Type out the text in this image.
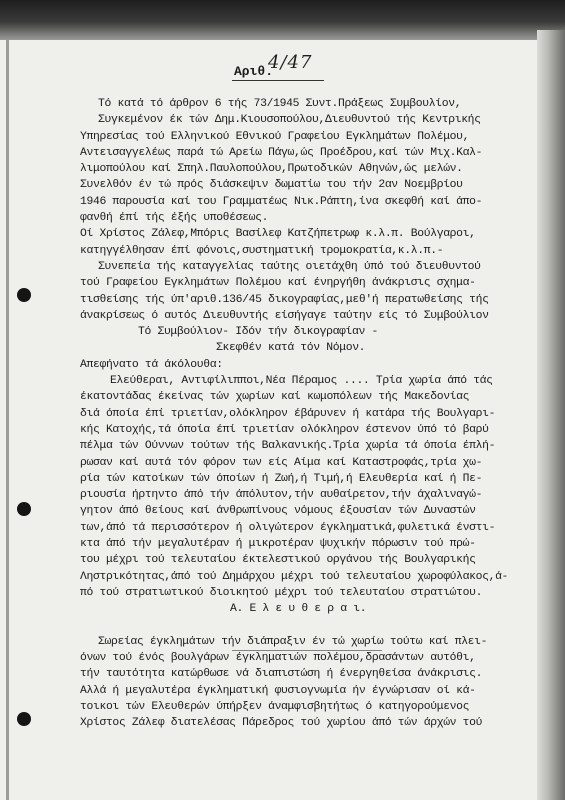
Αριθ.
4/47
Τό κατά τό άρθρον 6 τής 73/1945 Συντ.Πράξεως Συμβουλίον,
Συγκεμένον έκ τών Δημ.Κιουσοπούλου,Διευθυντού τής Κεντρικής
Υπηρεσίας τού Ελληνικού Εθνικού Γραφείου Εγκλημάτων Πολέμου,
Αντεισαγγελέως παρά τώ Αρείω Πάγω,ώς Προέδρου,καί τών Μιχ.Καλ-
λιμοπούλου καί Σπηλ.Παυλοπούλου,Πρωτοδικών Αθηνών,ώς μελών.
Συνελθόν έν τώ πρός διάσκεψιν δωματίω του τήν 2αν Νοεμβρίου
1946 παρουσία καί του Γραμματέως Νικ.Ράπτη,ίνα σκεφθή καί άπο-
φανθή έπί τής έξής υποθέσεως.
Οί Χρίστος Ζάλεφ,Μπόρις Βασίλεφ Κατζήπετρωφ κ.λ.π. Βούλγαροι,
κατηγγέλθησαν έπί φόνοις,συστηματική τρομοκρατία,κ.λ.π.-
Συνεπεία τής καταγγελίας ταύτης οιετάχθη ύπό τού διευθυντού
τού Γραφείου Εγκλημάτων Πολέμου καί ένηργήθη άνάκρισις σχημα-
τισθείσης τής ύπ'αριθ.136/45 δικογραφίας,μεθ'ή περατωθείσης τής
άνακρίσεως ό αυτός Διευθυντής είσήγαγε ταύτην είς τό Συμβούλιον
Τό Συμβούλιον- Ιδόν τήν δικογραφίαν -
Σκεφθέν κατά τόν Νόμον.
Απεφήνατο τά άκόλουθα:
Ελεύθεραι, Αντιφίλιπποι,Νέα Πέραμος .... Τρία χωρία άπό τάς
έκατοντάδας έκείνας τών χωρίων καί κωμοπόλεων τής Μακεδονίας
διά όποία έπί τριετίαν,ολόκληρον έβάρυνεν ή κατάρα τής Βουλγαρι-
κής Κατοχής,τά όποία έπί τριετίαν ολόκληρον έστενον ύπό τό βαρύ
πέλμα τών Ούννων τούτων τής Βαλκανικής.Τρία χωρία τά όποία έπλή-
ρωσαν καί αυτά τόν φόρον των είς Αίμα καί Καταστροφάς,τρία χω-
ρία τών κατοίκων τών όποίων ή Ζωή,ή Τιμή,ή Ελευθερία καί ή Πε-
ριουσία ήρτηντο άπό τήν άπόλυτον,τήν αυθαίρετον,τήν άχαλιναγώ-
γητον άπό θείους καί άνθρωπίνους νόμους έξουσίαν τών Δυναστών
των,άπό τά περισσότερον ή ολιγώτερον έγκληματικά,φυλετικά ένστι-
κτα άπό τήν μεγαλυτέραν ή μικροτέραν ψυχικήν πόρωσιν τού πρώ-
του μέχρι τού τελευταίου έκτελεστικού οργάνου τής Βουλγαρικής
Ληστρικότητας,άπό τού Δημάρχου μέχρι τού τελευταίου χωροφύλακος,ά-
πό τού στρατιωτικού διοικητού μέχρι τού τελευταίου στρατιώτου.
Α. Ε λ ε υ θ ε ρ α ι.
Σωρείας έγκλημάτων τήν διάπραξιν έν τώ χωρίω τούτω καί πλει-
όνων τού ένός βουλγάρων έγκληματιών πολέμου,δρασάντων αυτόθι,
τήν ταυτότητα κατώρθωσε νά διαπιστώση ή ένεργηθείσα άνάκρισις.
Αλλά ή μεγαλυτέρα έγκληματική φυσιογνωμία ήν έγνώρισαν οί κά-
τοικοι τών Ελευθερών ύπήρξεν άναμφισβητήτως ό κατηγορούμενος
Χρίστος Ζάλεφ διατελέσας Πάρεδρος τού χωρίου άπό τών άρχών τού
